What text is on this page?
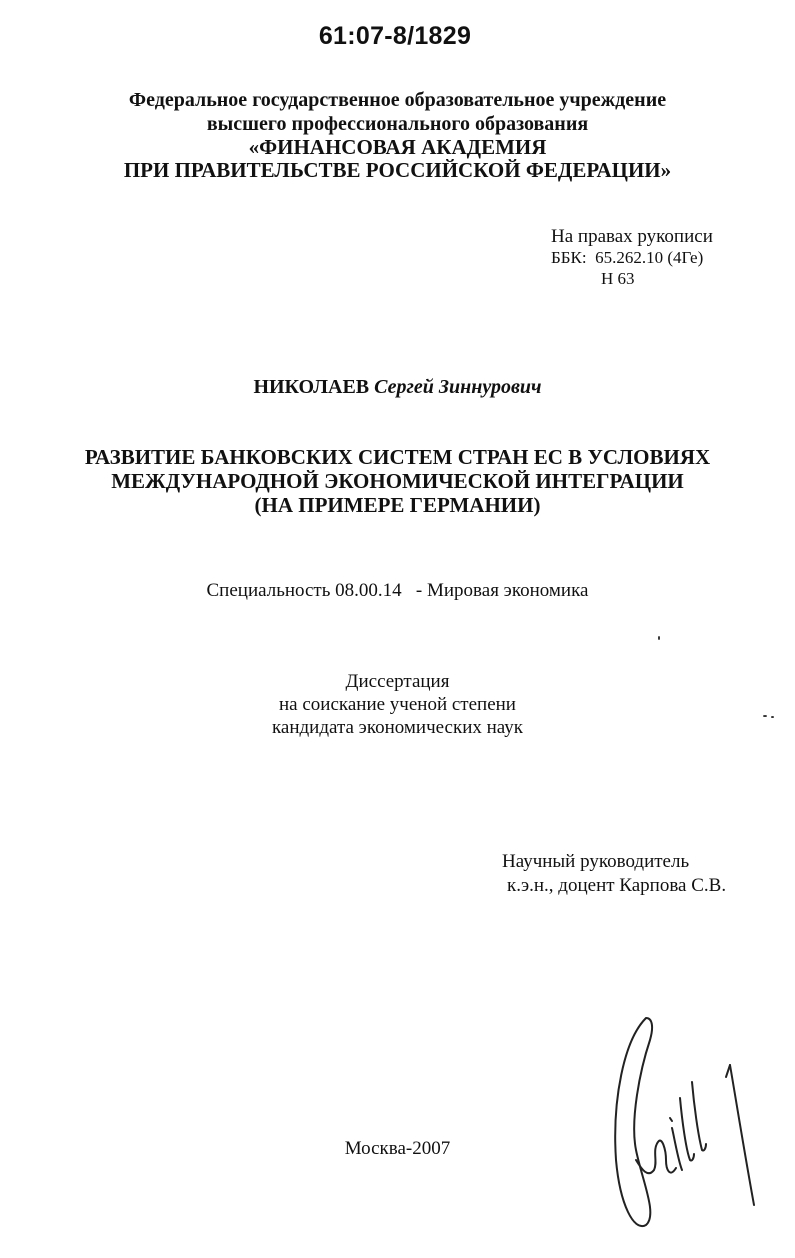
61:07-8/1829
Федеральное государственное образовательное учреждение
высшего профессионального образования
«ФИНАНСОВАЯ АКАДЕМИЯ
ПРИ ПРАВИТЕЛЬСТВЕ РОССИЙСКОЙ ФЕДЕРАЦИИ»
На правах рукописи
ББК:  65.262.10 (4Ге)
Н 63
НИКОЛАЕВ Сергей Зиннурович
РАЗВИТИЕ БАНКОВСКИХ СИСТЕМ СТРАН ЕС В УСЛОВИЯХ
МЕЖДУНАРОДНОЙ ЭКОНОМИЧЕСКОЙ ИНТЕГРАЦИИ
(НА ПРИМЕРЕ ГЕРМАНИИ)
Специальность 08.00.14   - Мировая экономика
Диссертация
на соискание ученой степени
кандидата экономических наук
Научный руководитель
к.э.н., доцент Карпова С.В.
Москва-2007
